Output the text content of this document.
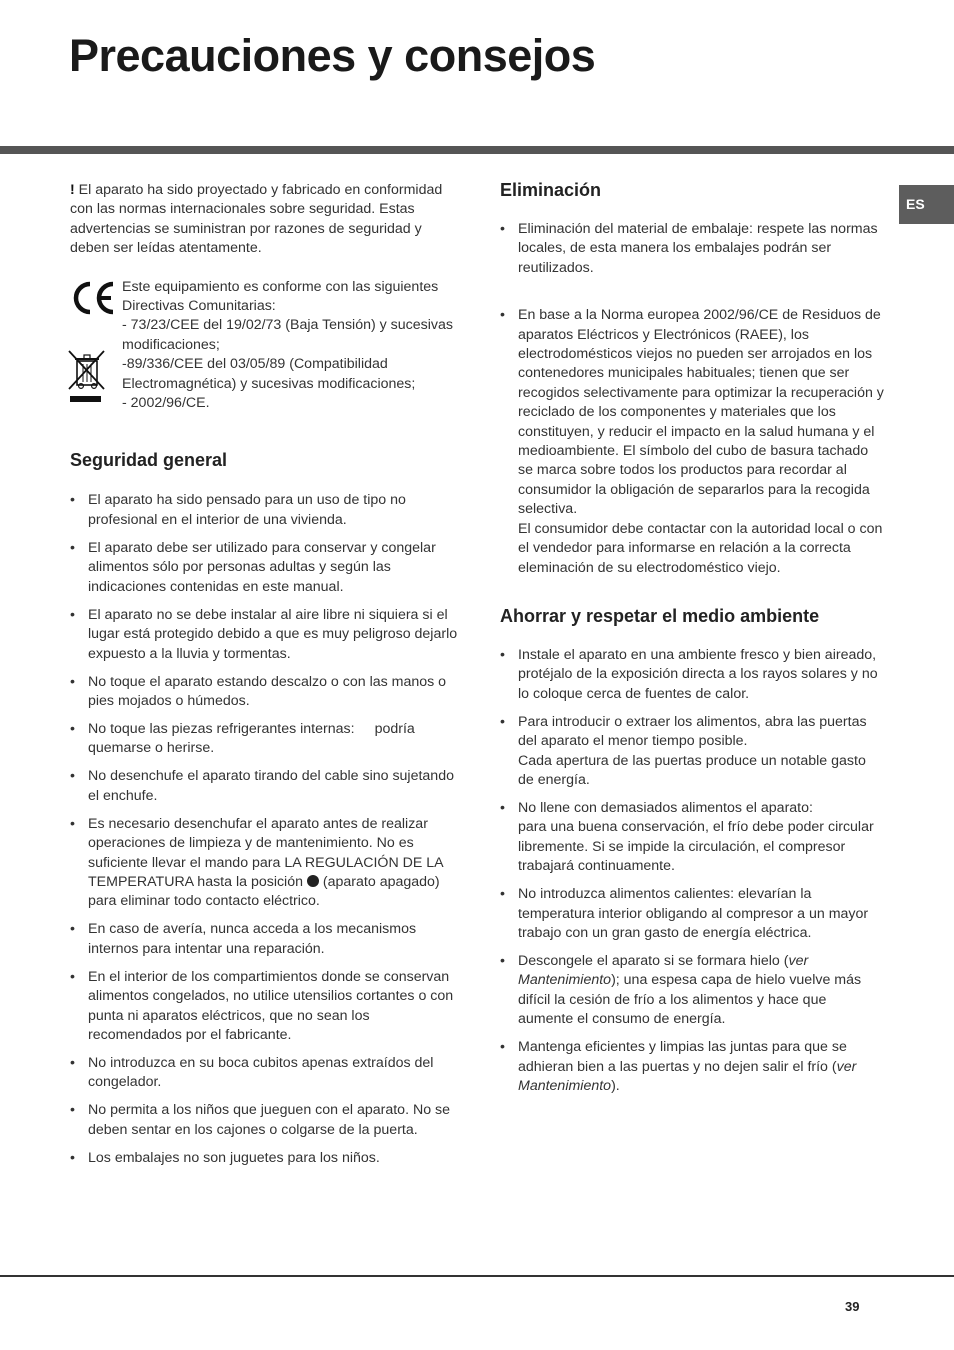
Precauciones y consejos
ES

! El aparato ha sido proyectado y fabricado en conformidad con las normas internacionales sobre seguridad. Estas advertencias se suministran por razones de seguridad y deben ser leídas atentamente.

Este equipamiento es conforme con las siguientes Directivas Comunitarias:

- 73/23/CEE del 19/02/73 (Baja Tensión) y sucesivas modificaciones;

-89/336/CEE del 03/05/89 (Compatibilidad Electromagnética) y sucesivas modificaciones;

- 2002/96/CE.

Seguridad general
• El aparato ha sido pensado para un uso de tipo no profesional en el interior de una vivienda.
• El aparato debe ser utilizado para conservar y congelar alimentos sólo por personas adultas y según las indicaciones contenidas en este manual.
• El aparato no se debe instalar al aire libre ni siquiera si el lugar está protegido debido a que es muy peligroso dejarlo expuesto a la lluvia y tormentas.
• No toque el aparato estando descalzo o con las manos o pies mojados o húmedos.
• No toque las piezas refrigerantes internas: podría quemarse o herirse.
• No desenchufe el aparato tirando del cable sino sujetando el enchufe.
• Es necesario desenchufar el aparato antes de realizar operaciones de limpieza y de mantenimiento. No es suficiente llevar el mando para LA REGULACIÓN DE LA TEMPERATURA hasta la posición (aparato apagado) para eliminar todo contacto eléctrico.
• En caso de avería, nunca acceda a los mecanismos internos para intentar una reparación.
• En el interior de los compartimientos donde se conservan alimentos congelados, no utilice utensilios cortantes o con punta ni aparatos eléctricos, que no sean los recomendados por el fabricante.
• No introduzca en su boca cubitos apenas extraídos del congelador.
• No permita a los niños que jueguen con el aparato. No se deben sentar en los cajones o colgarse de la puerta.
• Los embalajes no son juguetes para los niños.
Eliminación
• Eliminación del material de embalaje: respete las normas locales, de esta manera los embalajes podrán ser reutilizados.
• En base a la Norma europea 2002/96/CE de Residuos de aparatos Eléctricos y Electrónicos (RAEE), los electrodomésticos viejos no pueden ser arrojados en los contenedores municipales habituales; tienen que ser recogidos selectivamente para optimizar la recuperación y reciclado de los componentes y materiales que los constituyen, y reducir el impacto en la salud humana y el medioambiente. El símbolo del cubo de basura tachado se marca sobre todos los productos para recordar al consumidor la obligación de separarlos para la recogida selectiva.
El consumidor debe contactar con la autoridad local o con el vendedor para informarse en relación a la correcta eleminación de su electrodoméstico viejo.
Ahorrar y respetar el medio ambiente
• Instale el aparato en una ambiente fresco y bien aireado, protéjalo de la exposición directa a los rayos solares y no lo coloque cerca de fuentes de calor.
• Para introducir o extraer los alimentos, abra las puertas del aparato el menor tiempo posible.
Cada apertura de las puertas produce un notable gasto de energía.
• No llene con demasiados alimentos el aparato:
para una buena conservación, el frío debe poder circular libremente. Si se impide la circulación, el compresor trabajará continuamente.
• No introduzca alimentos calientes: elevarían la temperatura interior obligando al compresor a un mayor trabajo con un gran gasto de energía eléctrica.
• Descongele el aparato si se formara hielo (ver Mantenimiento); una espesa capa de hielo vuelve más difícil la cesión de frío a los alimentos y hace que aumente el consumo de energía.
• Mantenga eficientes y limpias las juntas para que se adhieran bien a las puertas y no dejen salir el frío (ver Mantenimiento).
39
